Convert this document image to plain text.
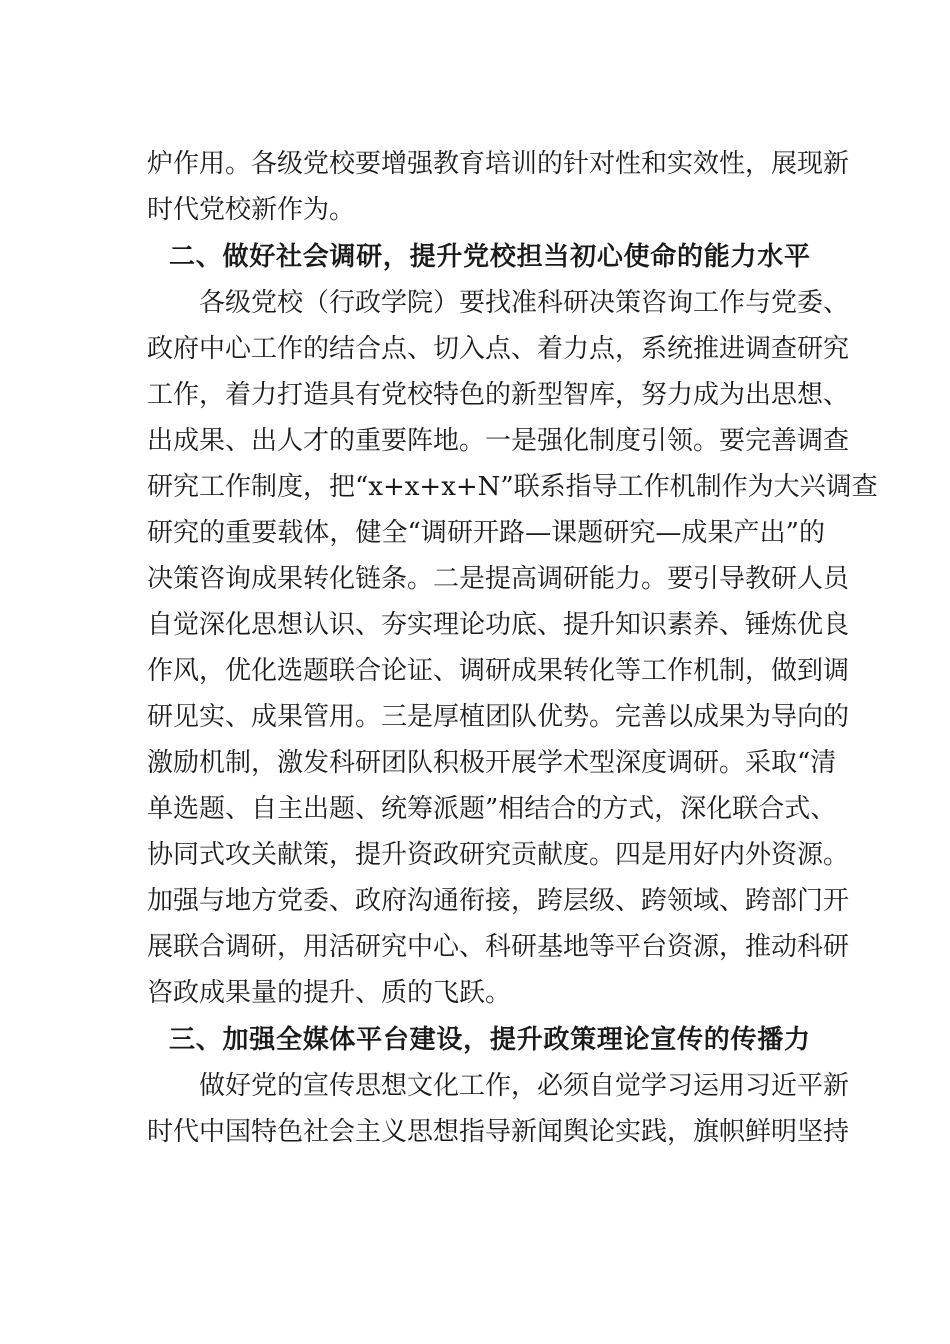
炉作用。各级党校要增强教育培训的针对性和实效性，展现新
时代党校新作为。
二、做好社会调研，提升党校担当初心使命的能力水平
各级党校（行政学院）要找准科研决策咨询工作与党委、
政府中心工作的结合点、切入点、着力点，系统推进调查研究
工作，着力打造具有党校特色的新型智库，努力成为出思想、
出成果、出人才的重要阵地。一是强化制度引领。要完善调查
研究工作制度，把“x+x+x+N”联系指导工作机制作为大兴调查
研究的重要载体，健全“调研开路—课题研究—成果产出”的
决策咨询成果转化链条。二是提高调研能力。要引导教研人员
自觉深化思想认识、夯实理论功底、提升知识素养、锤炼优良
作风，优化选题联合论证、调研成果转化等工作机制，做到调
研见实、成果管用。三是厚植团队优势。完善以成果为导向的
激励机制，激发科研团队积极开展学术型深度调研。采取“清
单选题、自主出题、统筹派题”相结合的方式，深化联合式、
协同式攻关献策，提升资政研究贡献度。四是用好内外资源。
加强与地方党委、政府沟通衔接，跨层级、跨领域、跨部门开
展联合调研，用活研究中心、科研基地等平台资源，推动科研
咨政成果量的提升、质的飞跃。
三、加强全媒体平台建设，提升政策理论宣传的传播力
做好党的宣传思想文化工作，必须自觉学习运用习近平新
时代中国特色社会主义思想指导新闻舆论实践，旗帜鲜明坚持
